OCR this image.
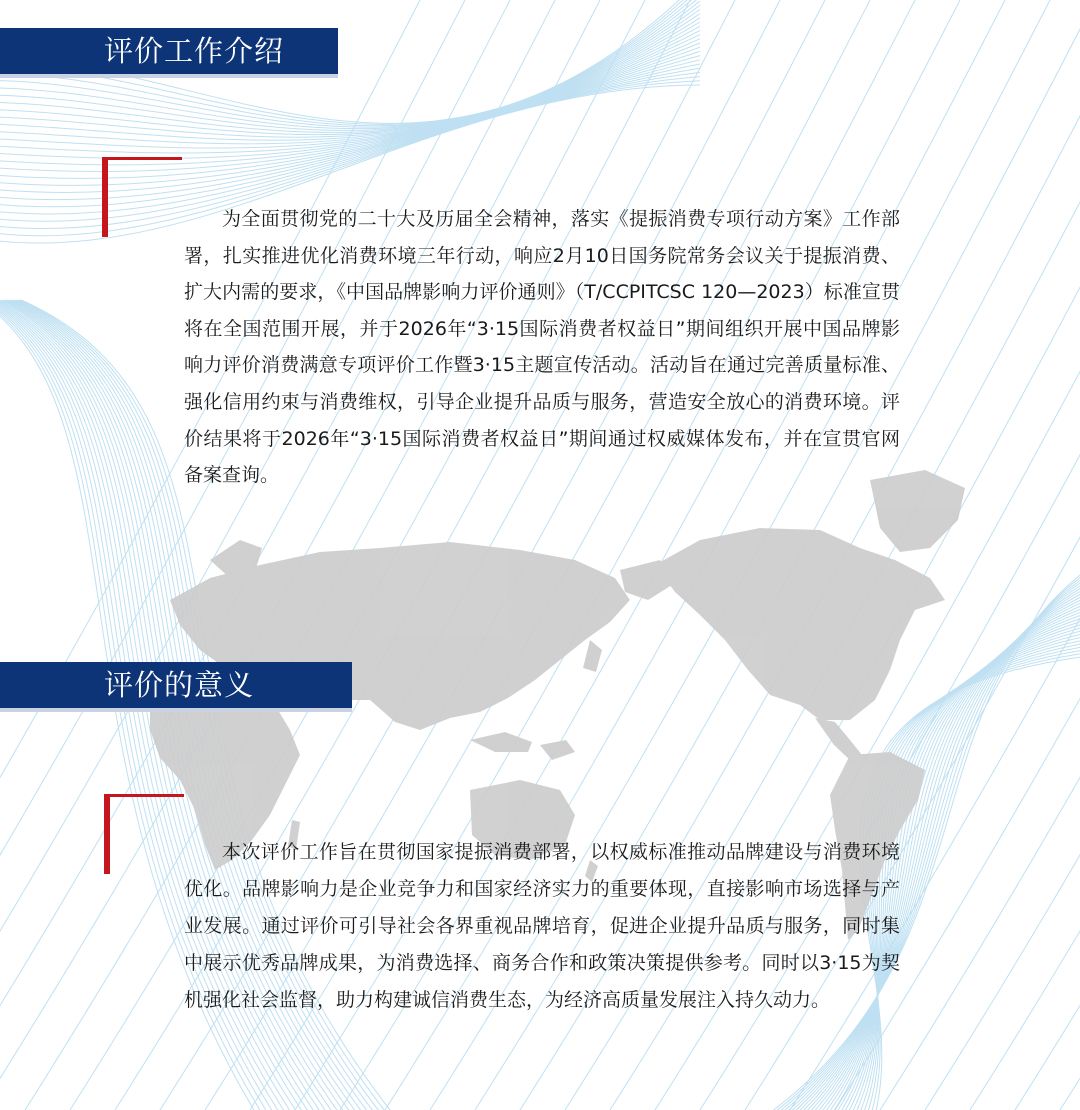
评价工作介绍
为全面贯彻党的二十大及历届全会精神，落实《提振消费专项行动方案》工作部署，扎实推进优化消费环境三年行动，响应2月10日国务院常务会议关于提振消费、扩大内需的要求，《中国品牌影响力评价通则》（T/CCPITCSC 120—2023）标准宣贯将在全国范围开展，并于2026年“3·15国际消费者权益日”期间组织开展中国品牌影响力评价消费满意专项评价工作暨3·15主题宣传活动。活动旨在通过完善质量标准、强化信用约束与消费维权，引导企业提升品质与服务，营造安全放心的消费环境。评价结果将于2026年“3·15国际消费者权益日”期间通过权威媒体发布，并在宣贯官网备案查询。
评价的意义
本次评价工作旨在贯彻国家提振消费部署，以权威标准推动品牌建设与消费环境优化。品牌影响力是企业竞争力和国家经济实力的重要体现，直接影响市场选择与产业发展。通过评价可引导社会各界重视品牌培育，促进企业提升品质与服务，同时集中展示优秀品牌成果，为消费选择、商务合作和政策决策提供参考。同时以3·15为契机强化社会监督，助力构建诚信消费生态，为经济高质量发展注入持久动力。
